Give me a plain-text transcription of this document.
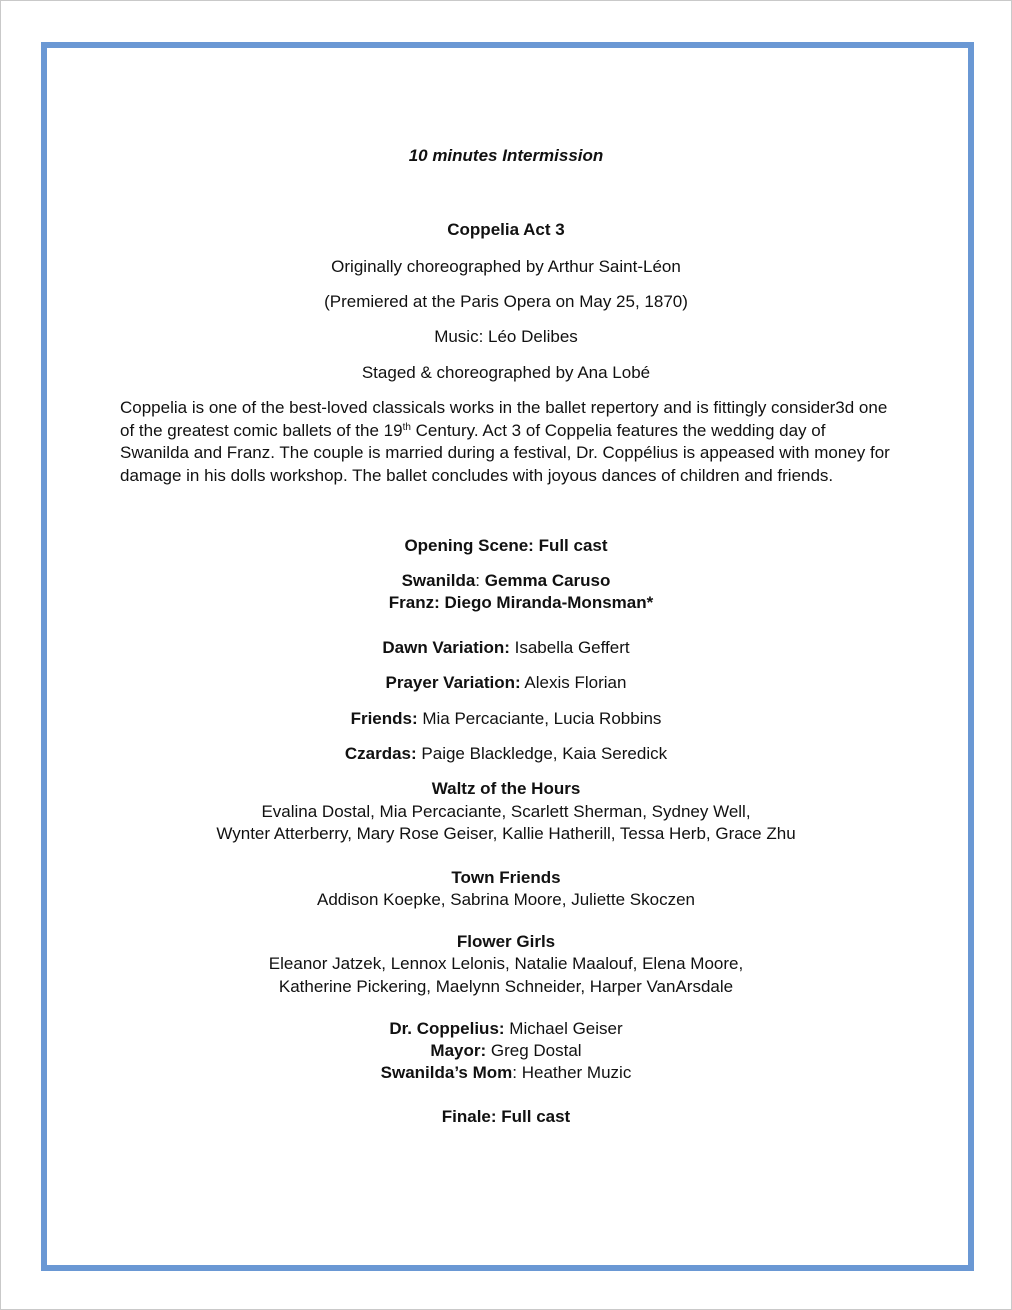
10 minutes Intermission
Coppelia Act 3
Originally choreographed by Arthur Saint-Léon
(Premiered at the Paris Opera on May 25, 1870)
Music: Léo Delibes
Staged & choreographed by Ana Lobé
Coppelia is one of the best-loved classicals works in the ballet repertory and is fittingly consider3d one of the greatest comic ballets of the 19th Century. Act 3 of Coppelia features the wedding day of Swanilda and Franz. The couple is married during a festival, Dr. Coppélius is appeased with money for damage in his dolls workshop. The ballet concludes with joyous dances of children and friends.
Opening Scene: Full cast
Swanilda: Gemma Caruso
Franz: Diego Miranda-Monsman*
Dawn Variation: Isabella Geffert
Prayer Variation: Alexis Florian
Friends: Mia Percaciante, Lucia Robbins
Czardas: Paige Blackledge, Kaia Seredick
Waltz of the Hours
Evalina Dostal, Mia Percaciante, Scarlett Sherman, Sydney Well,
Wynter Atterberry, Mary Rose Geiser, Kallie Hatherill, Tessa Herb, Grace Zhu
Town Friends
Addison Koepke, Sabrina Moore, Juliette Skoczen
Flower Girls
Eleanor Jatzek, Lennox Lelonis, Natalie Maalouf, Elena Moore,
Katherine Pickering, Maelynn Schneider, Harper VanArsdale
Dr. Coppelius: Michael Geiser
Mayor: Greg Dostal
Swanilda’s Mom: Heather Muzic
Finale: Full cast
